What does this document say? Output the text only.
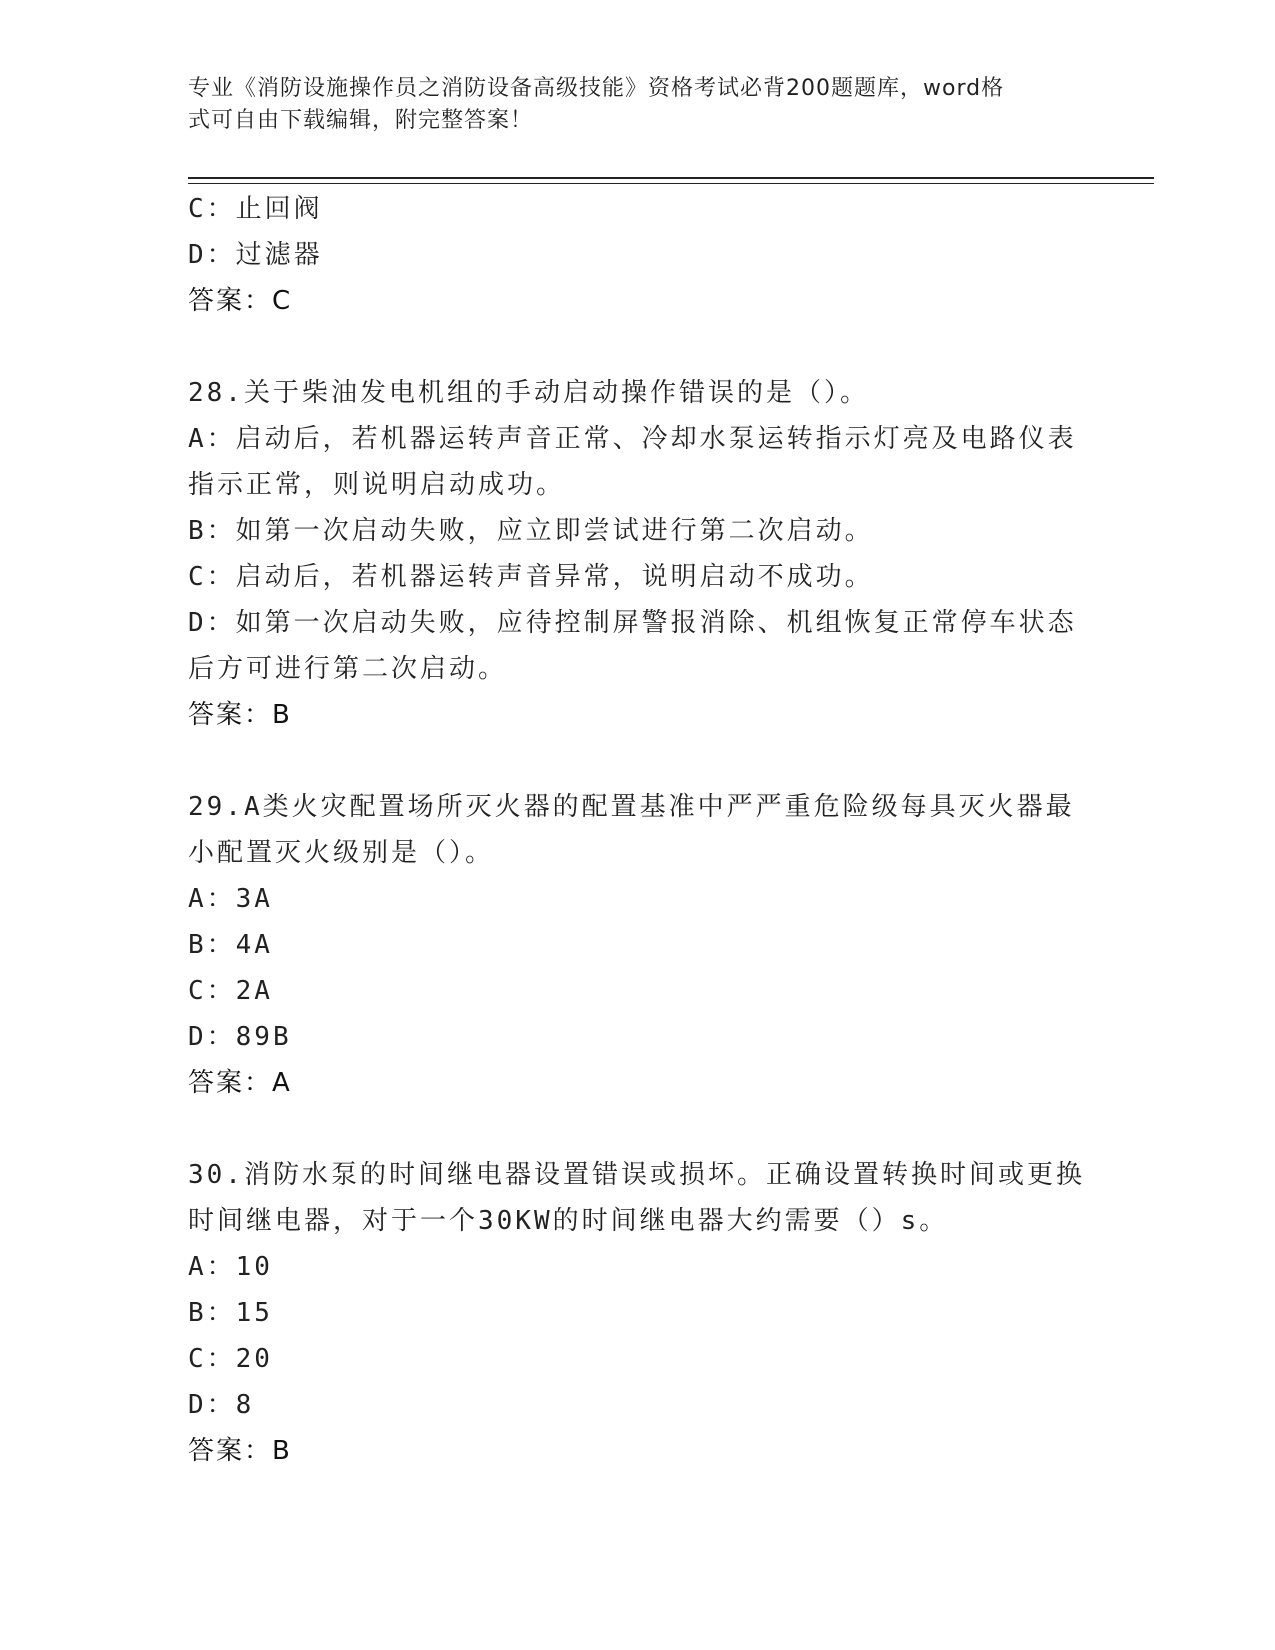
专业《消防设施操作员之消防设备高级技能》资格考试必背200题题库，word格
式可自由下载编辑，附完整答案！
C：止回阀
D：过滤器
答案：C
28.关于柴油发电机组的手动启动操作错误的是（）。
A：启动后，若机器运转声音正常、冷却水泵运转指示灯亮及电路仪表
指示正常，则说明启动成功。
B：如第一次启动失败，应立即尝试进行第二次启动。
C：启动后，若机器运转声音异常，说明启动不成功。
D：如第一次启动失败，应待控制屏警报消除、机组恢复正常停车状态
后方可进行第二次启动。
答案：B
29.A类火灾配置场所灭火器的配置基准中严严重危险级每具灭火器最
小配置灭火级别是（）。
A：3A
B：4A
C：2A
D：89B
答案：A
30.消防水泵的时间继电器设置错误或损坏。正确设置转换时间或更换
时间继电器，对于一个30KW的时间继电器大约需要（）s。
A：10
B：15
C：20
D：8
答案：B
